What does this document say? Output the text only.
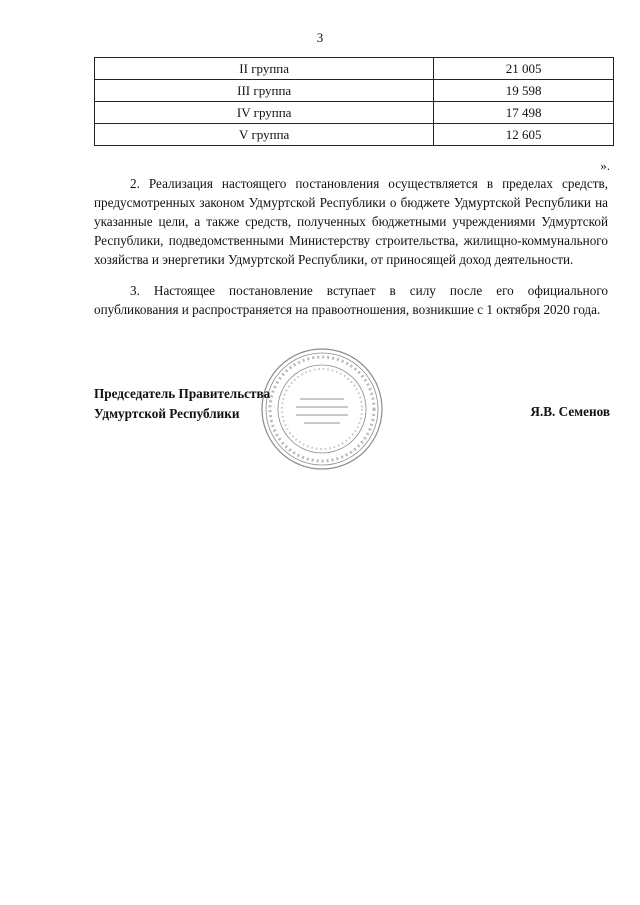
3
II группа	21 005
III группа	19 598
IV группа	17 498
V группа	12 605
».

2. Реализация настоящего постановления осуществляется в пределах средств, предусмотренных законом Удмуртской Республики о бюджете Удмуртской Республики на указанные цели, а также средств, полученных бюджетными учреждениями Удмуртской Республики, подведомственными Министерству строительства, жилищно-коммунального хозяйства и энергетики Удмуртской Республики, от приносящей доход деятельности.

3. Настоящее постановление вступает в силу после его официального опубликования и распространяется на правоотношения, возникшие с 1 октября 2020 года.

Председатель Правительства
Удмуртской Республики	Я.В. Семенов
